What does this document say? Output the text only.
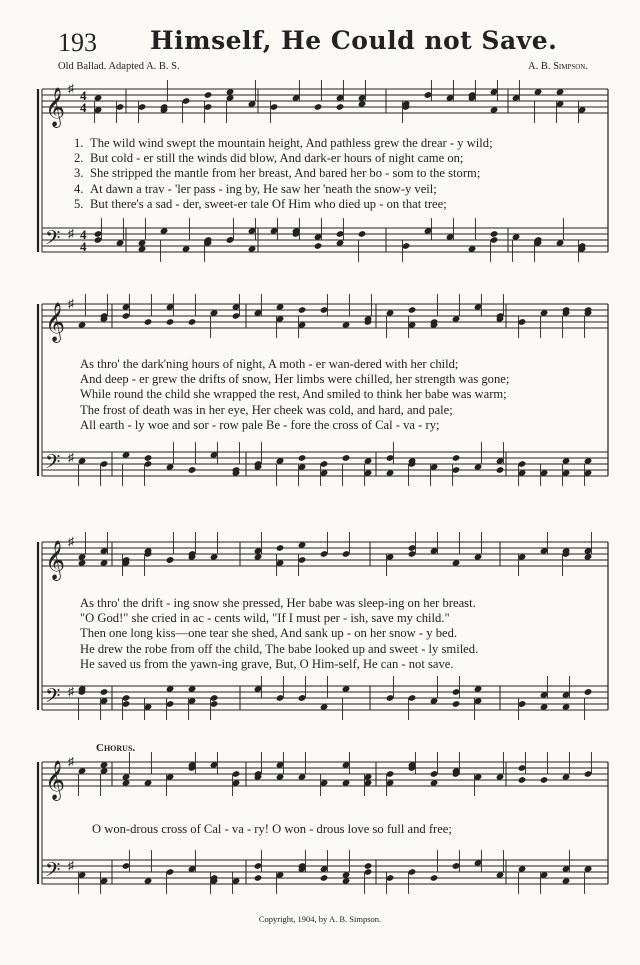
193 Himself, He Could not Save.
Old Ballad. Adapted A. B. S.	A. B. Simpson.
𝄞 ♯ 4
4
𝄢 ♯ 4
4
1. The wild wind swept the mountain height, And pathless grew the drear - y wild;
2. But cold - er still the winds did blow, And dark-er hours of night came on;
3. She stripped the mantle from her breast, And bared her bo - som to the storm;
4. At dawn a trav - 'ler pass - ing by, He saw her 'neath the snow-y veil;
5. But there's a sad - der, sweet-er tale Of Him who died up - on that tree;
𝄞 ♯
𝄢 ♯
As thro' the dark'ning hours of night, A moth - er wan-dered with her child;
And deep - er grew the drifts of snow, Her limbs were chilled, her strength was gone;
While round the child she wrapped the rest, And smiled to think her babe was warm;
The frost of death was in her eye, Her cheek was cold, and hard, and pale;
All earth - ly woe and sor - row pale Be - fore the cross of Cal - va - ry;
𝄞 ♯
𝄢 ♯
As thro' the drift - ing snow she pressed, Her babe was sleep-ing on her breast.
"O God!" she cried in ac - cents wild, "If I must per - ish, save my child."
Then one long kiss—one tear she shed, And sank up - on her snow - y bed.
He drew the robe from off the child, The babe looked up and sweet - ly smiled.
He saved us from the yawn-ing grave, But, O Him-self, He can - not save.
Chorus.
𝄞 ♯
𝄢 ♯
O won-drous cross of Cal - va - ry! O won - drous love so full and free;
Copyright, 1904, by A. B. Simpson.
